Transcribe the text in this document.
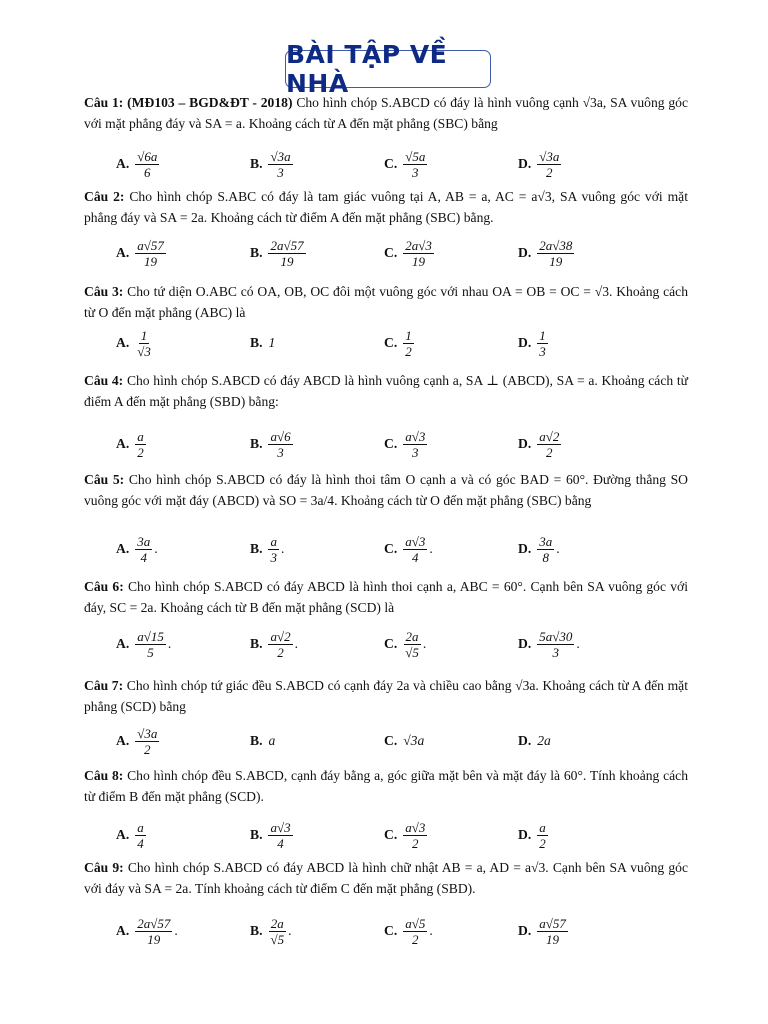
BÀI TẬP VỀ NHÀ
Câu 1: (MĐ103 – BGD&ĐT - 2018) Cho hình chóp S.ABCD có đáy là hình vuông cạnh √3a, SA vuông góc với mặt phẳng đáy và SA = a. Khoảng cách từ A đến mặt phẳng (SBC) bằng
A. $\frac{√6a}{6}$	B. $\frac{√3a}{3}$	C. $\frac{√5a}{3}$	D. $\frac{√3a}{2}$
Câu 2: Cho hình chóp S.ABC có đáy là tam giác vuông tại A, AB = a, AC = a√3, SA vuông góc với mặt phẳng đáy và SA = 2a. Khoảng cách từ điểm A đến mặt phẳng (SBC) bằng.
A. $\frac{a√57}{19}$	B. $\frac{2a√57}{19}$	C. $\frac{2a√3}{19}$	D. $\frac{2a√38}{19}$
Câu 3: Cho tứ diện O.ABC có OA, OB, OC đôi một vuông góc với nhau OA = OB = OC = √3. Khoảng cách từ O đến mặt phẳng (ABC) là
A. $\frac{1}{√3}$	B. 1	C. $\frac{1}{2}$	D. $\frac{1}{3}$
Câu 4: Cho hình chóp S.ABCD có đáy ABCD là hình vuông cạnh a, SA ⊥ (ABCD), SA = a. Khoảng cách từ điểm A đến mặt phẳng (SBD) bằng:
A. $\frac{a}{2}$	B. $\frac{a√6}{3}$	C. $\frac{a√3}{3}$	D. $\frac{a√2}{2}$
Câu 5: Cho hình chóp S.ABCD có đáy là hình thoi tâm O cạnh a và có góc BAD = 60°. Đường thẳng SO vuông góc với mặt đáy (ABCD) và SO = 3a/4. Khoảng cách từ O đến mặt phẳng (SBC) bằng
A. $\frac{3a}{4}$ .	B. $\frac{a}{3}$ .	C. $\frac{a√3}{4}$ .	D. $\frac{3a}{8}$ .
Câu 6: Cho hình chóp S.ABCD có đáy ABCD là hình thoi cạnh a, ABC = 60°. Cạnh bên SA vuông góc với đáy, SC = 2a. Khoảng cách từ B đến mặt phẳng (SCD) là
A. $\frac{a√15}{5}$ .	B. $\frac{a√2}{2}$ .	C. $\frac{2a}{√5}$ .	D. $\frac{5a√30}{3}$ .
Câu 7: Cho hình chóp tứ giác đều S.ABCD có cạnh đáy 2a và chiều cao bằng √3a. Khoảng cách từ A đến mặt phẳng (SCD) bằng
A. $\frac{√3a}{2}$	B. a	C. √3a	D. 2a
Câu 8: Cho hình chóp đều S.ABCD, cạnh đáy bằng a, góc giữa mặt bên và mặt đáy là 60°. Tính khoảng cách từ điểm B đến mặt phẳng (SCD).
A. $\frac{a}{4}$	B. $\frac{a√3}{4}$	C. $\frac{a√3}{2}$	D. $\frac{a}{2}$
Câu 9: Cho hình chóp S.ABCD có đáy ABCD là hình chữ nhật AB = a, AD = a√3. Cạnh bên SA vuông góc với đáy và SA = 2a. Tính khoảng cách từ điểm C đến mặt phẳng (SBD).
A. $\frac{2a√57}{19}$ .	B. $\frac{2a}{√5}$ .	C. $\frac{a√5}{2}$ .	D. $\frac{a√57}{19}$
